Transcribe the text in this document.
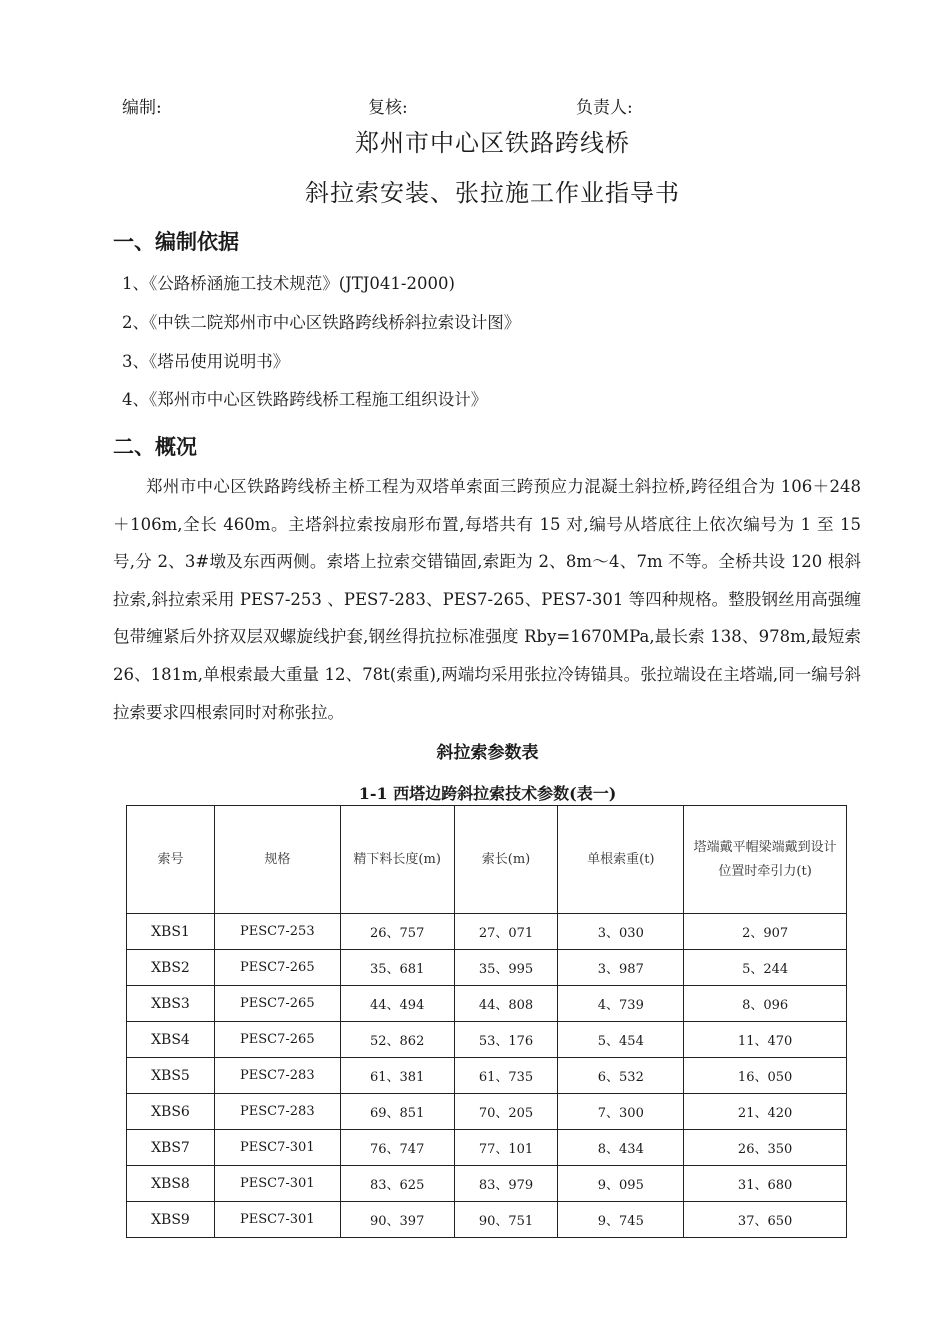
编制:	复核:	负责人:
郑州市中心区铁路跨线桥
斜拉索安装、张拉施工作业指导书
一、编制依据
1、《公路桥涵施工技术规范》(JTJ041-2000)
2、《中铁二院郑州市中心区铁路跨线桥斜拉索设计图》
3、《塔吊使用说明书》
4、《郑州市中心区铁路跨线桥工程施工组织设计》
二、概况
郑州市中心区铁路跨线桥主桥工程为双塔单索面三跨预应力混凝土斜拉桥,跨径组合为 106＋248＋106m,全长 460m。主塔斜拉索按扇形布置,每塔共有 15 对,编号从塔底往上依次编号为 1 至 15 号,分 2、3#墩及东西两侧。索塔上拉索交错锚固,索距为 2、8m～4、7m 不等。全桥共设 120 根斜拉索,斜拉索采用 PES7-253 、PES7-283、PES7-265、PES7-301 等四种规格。整股钢丝用高强缠包带缠紧后外挤双层双螺旋线护套,钢丝得抗拉标准强度 Rby=1670MPa,最长索 138、978m,最短索 26、181m,单根索最大重量 12、78t(索重),两端均采用张拉冷铸锚具。张拉端设在主塔端,同一编号斜拉索要求四根索同时对称张拉。
斜拉索参数表
1-1 西塔边跨斜拉索技术参数(表一)
索号	规格	精下料长度(m)	索长(m)	单根索重(t)	塔端戴平帽梁端戴到设计位置时牵引力(t)
XBS1	PESC7-253	26、757	27、071	3、030	2、907
XBS2	PESC7-265	35、681	35、995	3、987	5、244
XBS3	PESC7-265	44、494	44、808	4、739	8、096
XBS4	PESC7-265	52、862	53、176	5、454	11、470
XBS5	PESC7-283	61、381	61、735	6、532	16、050
XBS6	PESC7-283	69、851	70、205	7、300	21、420
XBS7	PESC7-301	76、747	77、101	8、434	26、350
XBS8	PESC7-301	83、625	83、979	9、095	31、680
XBS9	PESC7-301	90、397	90、751	9、745	37、650
